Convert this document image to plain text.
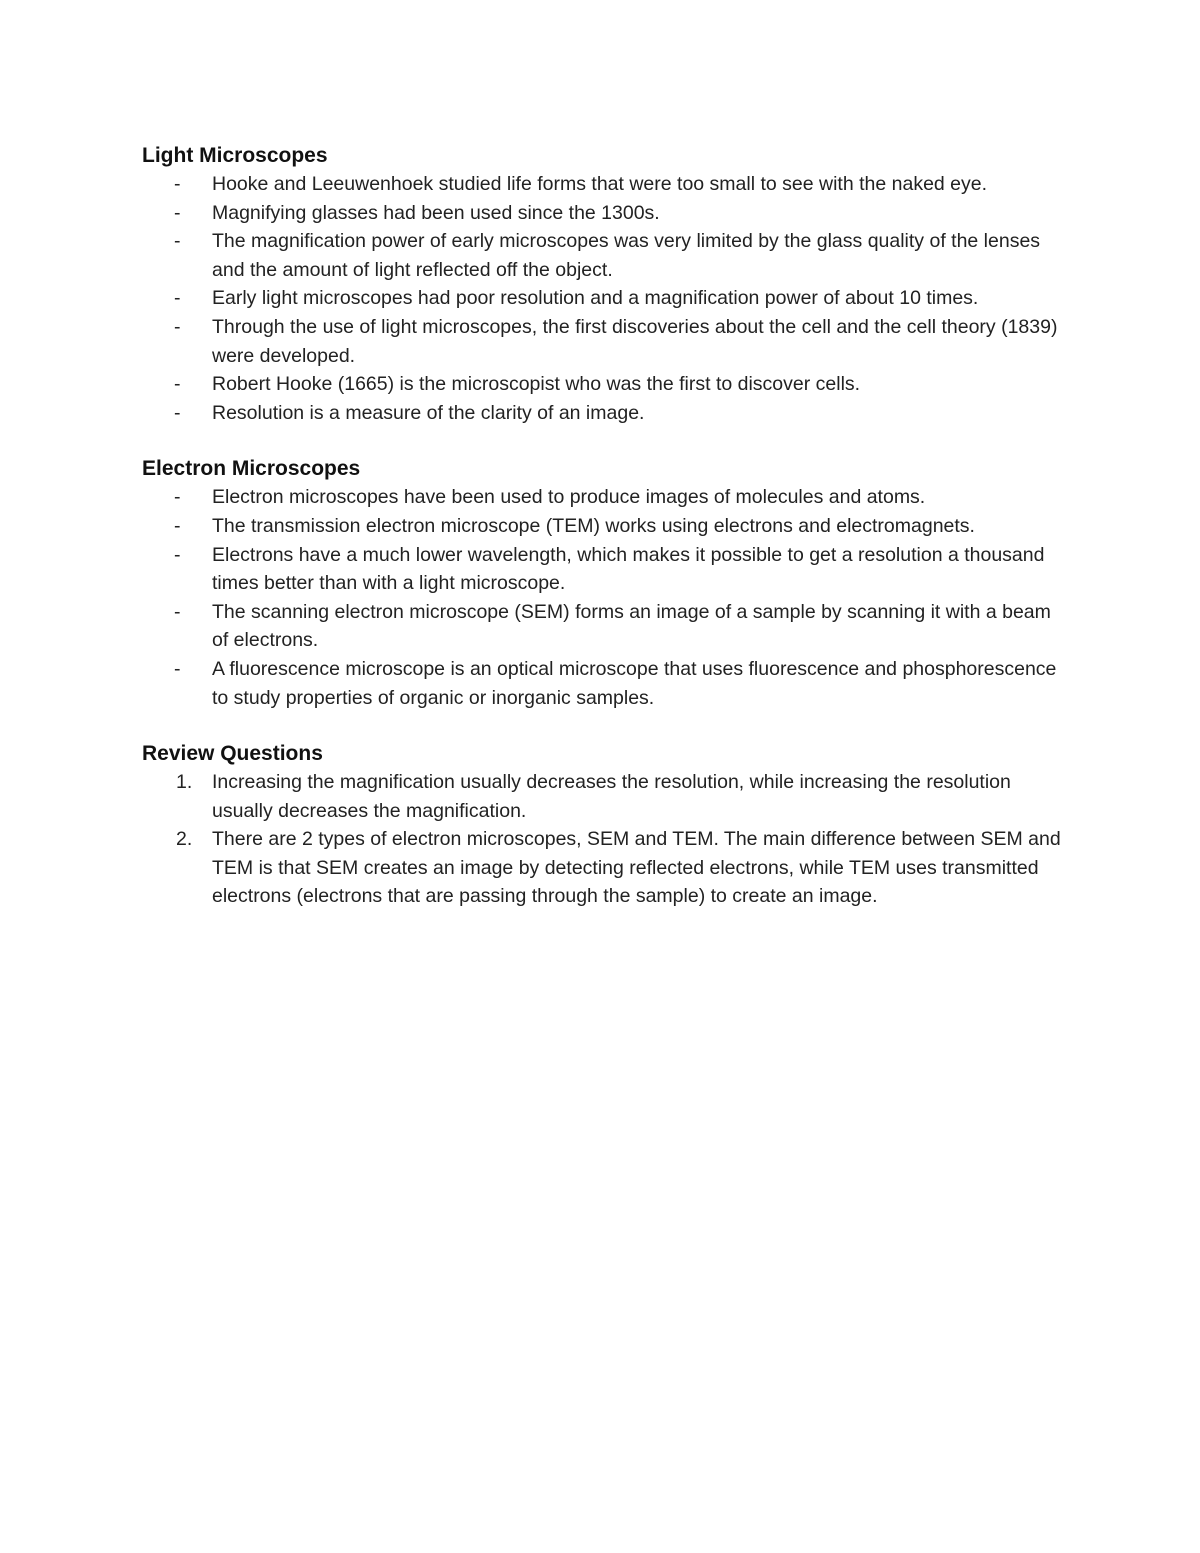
Light Microscopes
- Hooke and Leeuwenhoek studied life forms that were too small to see with the naked eye.
- Magnifying glasses had been used since the 1300s.
- The magnification power of early microscopes was very limited by the glass quality of the lenses and the amount of light reflected off the object.
- Early light microscopes had poor resolution and a magnification power of about 10 times.
- Through the use of light microscopes, the first discoveries about the cell and the cell theory (1839) were developed.
- Robert Hooke (1665) is the microscopist who was the first to discover cells.
- Resolution is a measure of the clarity of an image.
Electron Microscopes
- Electron microscopes have been used to produce images of molecules and atoms.
- The transmission electron microscope (TEM) works using electrons and electromagnets.
- Electrons have a much lower wavelength, which makes it possible to get a resolution a thousand times better than with a light microscope.
- The scanning electron microscope (SEM) forms an image of a sample by scanning it with a beam of electrons.
- A fluorescence microscope is an optical microscope that uses fluorescence and phosphorescence to study properties of organic or inorganic samples.
Review Questions
1. Increasing the magnification usually decreases the resolution, while increasing the resolution usually decreases the magnification.
2. There are 2 types of electron microscopes, SEM and TEM. The main difference between SEM and TEM is that SEM creates an image by detecting reflected electrons, while TEM uses transmitted electrons (electrons that are passing through the sample) to create an image.
